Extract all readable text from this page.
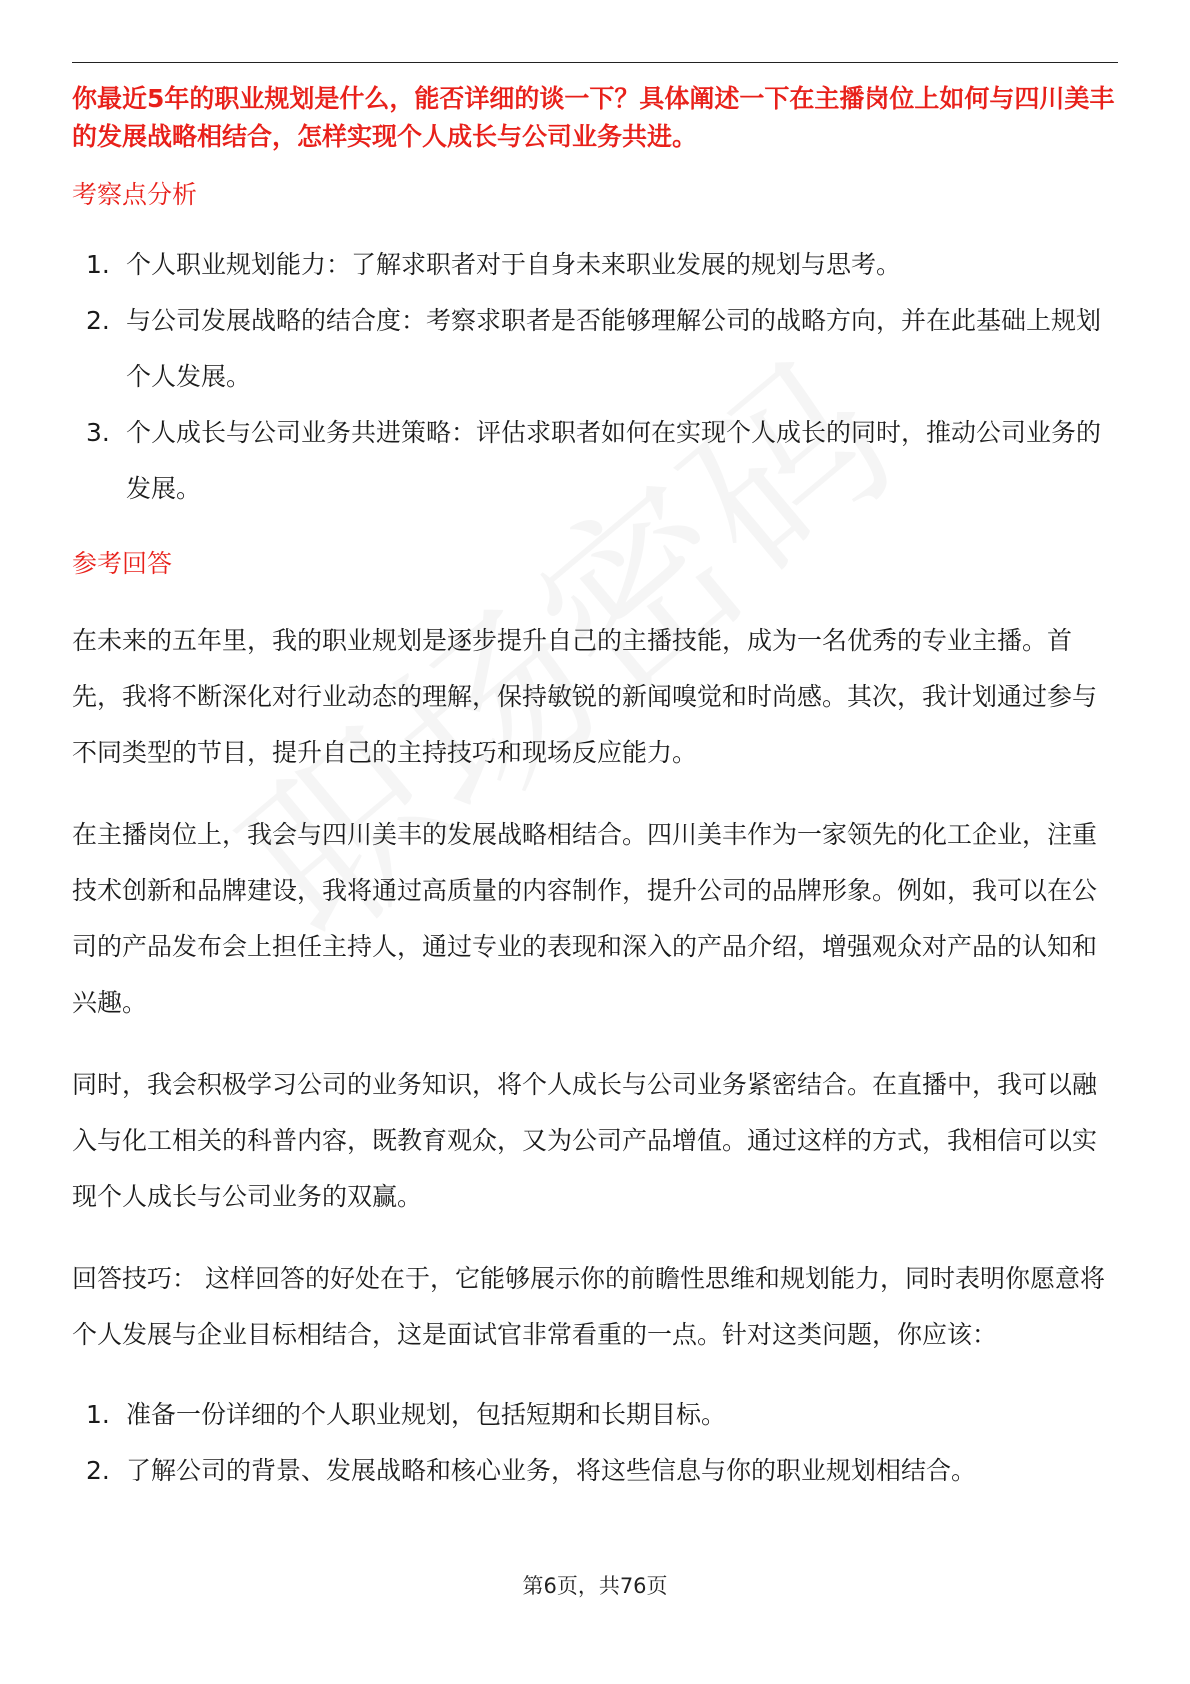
你最近5年的职业规划是什么，能否详细的谈一下？具体阐述一下在主播岗位上如何与四川美丰的发展战略相结合，怎样实现个人成长与公司业务共进。

考察点分析

1. 个人职业规划能力：了解求职者对于自身未来职业发展的规划与思考。
2. 与公司发展战略的结合度：考察求职者是否能够理解公司的战略方向，并在此基础上规划个人发展。
3. 个人成长与公司业务共进策略：评估求职者如何在实现个人成长的同时，推动公司业务的发展。

参考回答

在未来的五年里，我的职业规划是逐步提升自己的主播技能，成为一名优秀的专业主播。首先，我将不断深化对行业动态的理解，保持敏锐的新闻嗅觉和时尚感。其次，我计划通过参与不同类型的节目，提升自己的主持技巧和现场反应能力。

在主播岗位上，我会与四川美丰的发展战略相结合。四川美丰作为一家领先的化工企业，注重技术创新和品牌建设，我将通过高质量的内容制作，提升公司的品牌形象。例如，我可以在公司的产品发布会上担任主持人，通过专业的表现和深入的产品介绍，增强观众对产品的认知和兴趣。

同时，我会积极学习公司的业务知识，将个人成长与公司业务紧密结合。在直播中，我可以融入与化工相关的科普内容，既教育观众，又为公司产品增值。通过这样的方式，我相信可以实现个人成长与公司业务的双赢。

回答技巧： 这样回答的好处在于，它能够展示你的前瞻性思维和规划能力，同时表明你愿意将个人发展与企业目标相结合，这是面试官非常看重的一点。针对这类问题，你应该：

1. 准备一份详细的个人职业规划，包括短期和长期目标。
2. 了解公司的背景、发展战略和核心业务，将这些信息与你的职业规划相结合。
第6页，共76页
